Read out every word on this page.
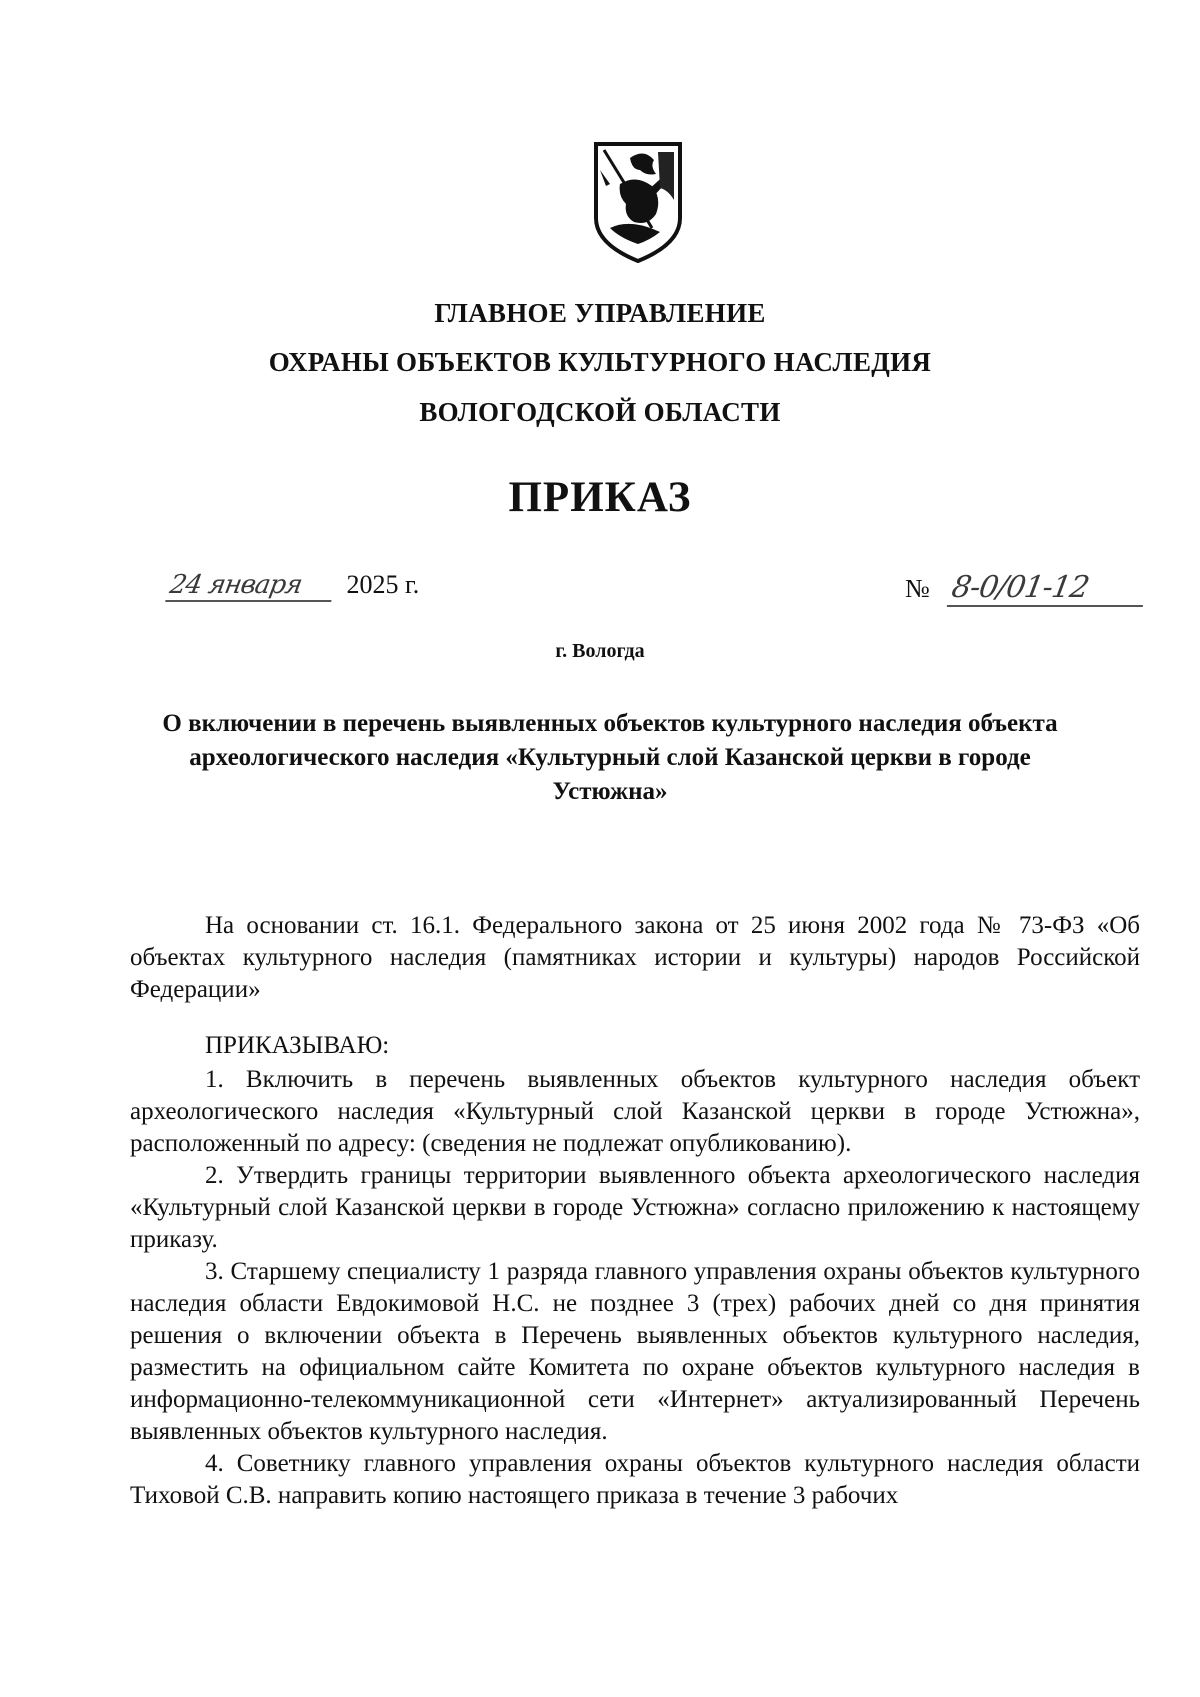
ГЛАВНОЕ УПРАВЛЕНИЕ
ОХРАНЫ ОБЪЕКТОВ КУЛЬТУРНОГО НАСЛЕДИЯ
ВОЛОГОДСКОЙ ОБЛАСТИ
ПРИКАЗ
24 января 2025 г.	№ 8-0/01-12
г. Вологда
О включении в перечень выявленных объектов культурного наследия объекта археологического наследия «Культурный слой Казанской церкви в городе Устюжна»

На основании ст. 16.1. Федерального закона от 25 июня 2002 года № 73-ФЗ «Об объектах культурного наследия (памятниках истории и культуры) народов Российской Федерации»

ПРИКАЗЫВАЮ:

1. Включить в перечень выявленных объектов культурного наследия объект археологического наследия «Культурный слой Казанской церкви в городе Устюжна», расположенный по адресу: (сведения не подлежат опубликованию).

2. Утвердить границы территории выявленного объекта археологического наследия «Культурный слой Казанской церкви в городе Устюжна» согласно приложению к настоящему приказу.

3. Старшему специалисту 1 разряда главного управления охраны объектов культурного наследия области Евдокимовой Н.С. не позднее 3 (трех) рабочих дней со дня принятия решения о включении объекта в Перечень выявленных объектов культурного наследия, разместить на официальном сайте Комитета по охране объектов культурного наследия в информационно-телекоммуникационной сети «Интернет» актуализированный Перечень выявленных объектов культурного наследия.

4. Советнику главного управления охраны объектов культурного наследия области Тиховой С.В. направить копию настоящего приказа в течение 3 рабочих
